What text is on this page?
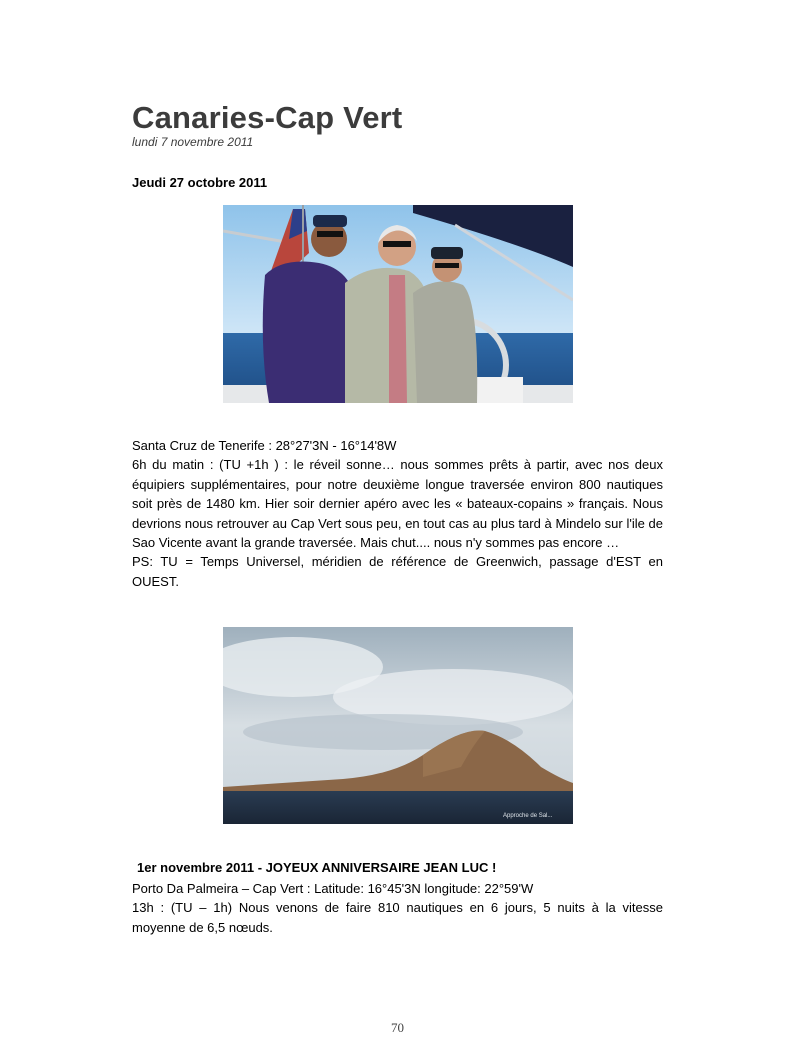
Canaries-Cap Vert
lundi 7 novembre 2011
Jeudi 27 octobre 2011

Santa Cruz de Tenerife : 28°27'3N - 16°14'8W

6h du matin : (TU +1h ) : le réveil sonne… nous sommes prêts à partir, avec nos deux équipiers supplémentaires, pour notre deuxième longue traversée environ 800 nautiques soit près de 1480 km. Hier soir dernier apéro avec les « bateaux-copains » français. Nous devrions nous retrouver au Cap Vert sous peu, en tout cas au plus tard à Mindelo sur l'ile de Sao Vicente avant la grande traversée. Mais chut.... nous n'y sommes pas encore …

PS: TU = Temps Universel, méridien de référence de Greenwich, passage d'EST en OUEST.

Approche de Sal...
1er novembre 2011 - JOYEUX ANNIVERSAIRE JEAN LUC !

Porto Da Palmeira – Cap Vert : Latitude: 16°45'3N longitude: 22°59'W

13h : (TU – 1h) Nous venons de faire 810 nautiques en 6 jours, 5 nuits à la vitesse moyenne de 6,5 nœuds.

70
